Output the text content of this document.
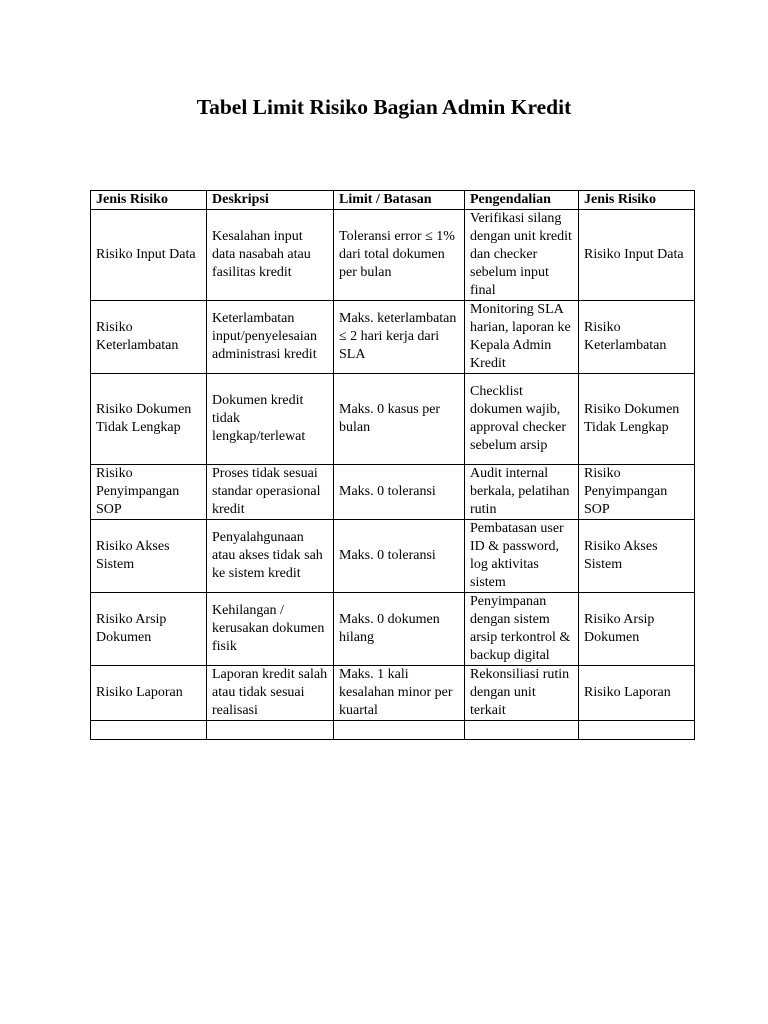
Tabel Limit Risiko Bagian Admin Kredit
Jenis Risiko	Deskripsi	Limit / Batasan	Pengendalian	Jenis Risiko
Risiko Input Data	Kesalahan input data nasabah atau fasilitas kredit	Toleransi error ≤ 1% dari total dokumen per bulan	Verifikasi silang dengan unit kredit dan checker sebelum input final	Risiko Input Data
Risiko Keterlambatan	Keterlambatan input/penyelesaian administrasi kredit	Maks. keterlambatan ≤ 2 hari kerja dari SLA	Monitoring SLA harian, laporan ke Kepala Admin Kredit	Risiko Keterlambatan
Risiko Dokumen Tidak Lengkap	Dokumen kredit tidak lengkap/terlewat	Maks. 0 kasus per bulan	Checklist dokumen wajib, approval checker sebelum arsip	Risiko Dokumen Tidak Lengkap
Risiko Penyimpangan SOP	Proses tidak sesuai standar operasional kredit	Maks. 0 toleransi	Audit internal berkala, pelatihan rutin	Risiko Penyimpangan SOP
Risiko Akses Sistem	Penyalahgunaan atau akses tidak sah ke sistem kredit	Maks. 0 toleransi	Pembatasan user ID & password, log aktivitas sistem	Risiko Akses Sistem
Risiko Arsip Dokumen	Kehilangan / kerusakan dokumen fisik	Maks. 0 dokumen hilang	Penyimpanan dengan sistem arsip terkontrol & backup digital	Risiko Arsip Dokumen
Risiko Laporan	Laporan kredit salah atau tidak sesuai realisasi	Maks. 1 kali kesalahan minor per kuartal	Rekonsiliasi rutin dengan unit terkait	Risiko Laporan
